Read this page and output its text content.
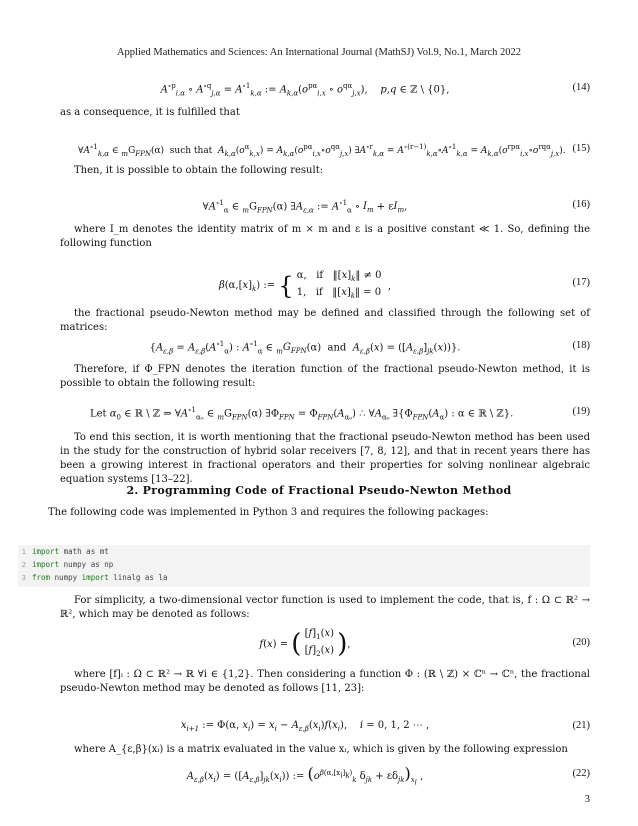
Applied Mathematics and Sciences: An International Journal (MathSJ) Vol.9, No.1, March 2022
$A^{\circ p}_{i,\alpha}$ ∘ $A^{\circ q}_{j,\alpha} = A^{\circ 1}_{k,\alpha}$ := $A_{k,\alpha}(o^{p\alpha}_{i,x}$ ∘ $o^{q\alpha}_{j,x}$),    p,q ∈ ℤ \ {0},	(14)
as a consequence, it is fulfilled that
$\forall A^{\circ 1}_{k,\alpha}$ ∈ $_mG_{FPN}(\alpha)$  such that  $A_{k,\alpha}(o^\alpha_{k,x})$ = $A_{k,\alpha}(o^{p\alpha}_{i,x}\circ o^{q\alpha}_{j,x})$ $\exists A^{\circ r}_{k,\alpha}$ = $A^{\circ(r-1)}_{k,\alpha}\circ A^{\circ 1}_{k,\alpha}$ = $A_{k,\alpha}(o^{rp\alpha}_{i,x}\circ o^{rq\alpha}_{j,x})$. (15)
Then, it is possible to obtain the following result:
$\forall A^{\circ 1}_\alpha$ ∈ $_mG_{FPN}(\alpha)$ $\exists A_{\varepsilon,\alpha}$ := $A^{\circ 1}_\alpha$ ∘ $I_m + \varepsilon I_m$,	(16)
where I_m denotes the identity matrix of m × m and ε is a positive constant ≪ 1. So, defining the following function
$\beta(\alpha,[x]_k)$ := { α,   if   $‖[x]_k‖ \ne 0$
1,   if   $‖[x]_k‖ = 0$  ,	(17)
the fractional pseudo-Newton method may be defined and classified through the following set of matrices:
{$A_{\varepsilon,\beta} = A_{\varepsilon,\beta}(A^{\circ 1}_\alpha)$ : $A^{\circ 1}_\alpha$ ∈ $_mG_{FPN}(\alpha)$  and  $A_{\varepsilon,\beta}(x) = ([A_{\varepsilon,\beta}]_{jk}(x))$}.	(18)
Therefore, if Φ_FPN denotes the iteration function of the fractional pseudo-Newton method, it is possible to obtain the following result:
Let $\alpha_0$ ∈ ℝ \ ℤ ⇒ $\forall A^{\circ 1}_{\alpha_0}$ ∈ $_mG_{FPN}(\alpha)$ $\exists\Phi_{FPN} = \Phi_{FPN}(A_{\alpha_0})$ ∴ $\forall A_{\alpha_0}$ $\exists\{\Phi_{FPN}(A_\alpha)$ : α ∈ ℝ \ ℤ}.	(19)
To end this section, it is worth mentioning that the fractional pseudo-Newton method has been used in the study for the construction of hybrid solar receivers [7, 8, 12], and that in recent years there has been a growing interest in fractional operators and their properties for solving nonlinear algebraic equation systems [13–22].
2. Programming Code of Fractional Pseudo-Newton Method
The following code was implemented in Python 3 and requires the following packages:
1 import math as mt
2 import numpy as np
3 from numpy import linalg as la
For simplicity, a two-dimensional vector function is used to implement the code, that is, f : Ω ⊂ ℝ² → ℝ², which may be denoted as follows:
f(x) = ( $[f]_1(x)$
$[f]_2(x)$ ),	(20)
where [f]ᵢ : Ω ⊂ ℝ² → ℝ ∀i ∈ {1,2}. Then considering a function Φ : (ℝ \ ℤ) × ℂⁿ → ℂⁿ, the fractional pseudo-Newton method may be denoted as follows [11, 23]:
$x_{i+1}$ := Φ(α, $x_i) = x_i - A_{\varepsilon,\beta}(x_i)f(x_i)$,    i = 0, 1, 2 ⋯ ,	(21)
where A_{ε,β}(xᵢ) is a matrix evaluated in the value xᵢ, which is given by the following expression
$A_{\varepsilon,\beta}(x_i) = ([A_{\varepsilon,\beta}]_{jk}(x_i))$ := ($o^{\beta(\alpha,[x_i]_k)}_k$ $\delta_{jk} + \varepsilon\delta_{jk})_{x_i}$ ,	(22)
3
